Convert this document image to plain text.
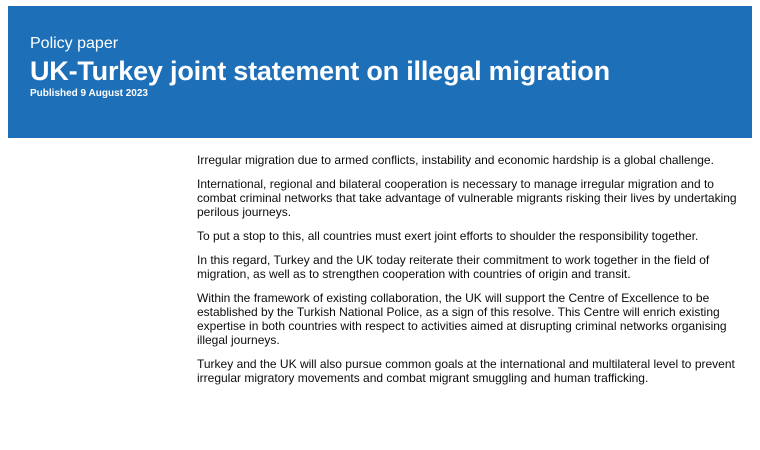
Policy paper
UK-Turkey joint statement on illegal migration
Published 9 August 2023

Irregular migration due to armed conflicts, instability and economic hardship is a global challenge.

International, regional and bilateral cooperation is necessary to manage irregular migration and to combat criminal networks that take advantage of vulnerable migrants risking their lives by undertaking perilous journeys.

To put a stop to this, all countries must exert joint efforts to shoulder the responsibility together.

In this regard, Turkey and the UK today reiterate their commitment to work together in the field of migration, as well as to strengthen cooperation with countries of origin and transit.

Within the framework of existing collaboration, the UK will support the Centre of Excellence to be established by the Turkish National Police, as a sign of this resolve. This Centre will enrich existing expertise in both countries with respect to activities aimed at disrupting criminal networks organising illegal journeys.

Turkey and the UK will also pursue common goals at the international and multilateral level to prevent irregular migratory movements and combat migrant smuggling and human trafficking.
